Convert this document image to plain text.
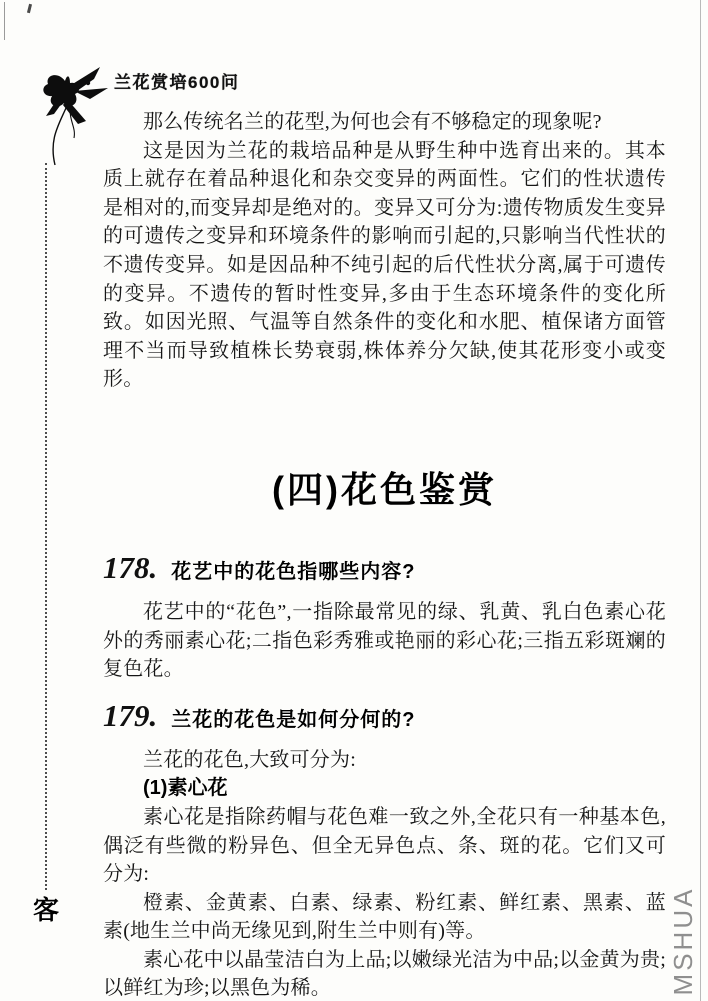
兰花赏培600问
客	MSHUA

那么传统名兰的花型,为何也会有不够稳定的现象呢?

这是因为兰花的栽培品种是从野生种中选育出来的。其本质上就存在着品种退化和杂交变异的两面性。它们的性状遗传是相对的,而变异却是绝对的。变异又可分为:遗传物质发生变异的可遗传之变异和环境条件的影响而引起的,只影响当代性状的不遗传变异。如是因品种不纯引起的后代性状分离,属于可遗传的变异。不遗传的暂时性变异,多由于生态环境条件的变化所致。如因光照、气温等自然条件的变化和水肥、植保诸方面管理不当而导致植株长势衰弱,株体养分欠缺,使其花形变小或变形。

(四)花色鉴赏
178. 花艺中的花色指哪些内容?

花艺中的“花色”,一指除最常见的绿、乳黄、乳白色素心花外的秀丽素心花;二指色彩秀雅或艳丽的彩心花;三指五彩斑斓的复色花。

179. 兰花的花色是如何分何的?

兰花的花色,大致可分为:

(1)素心花

素心花是指除药帽与花色难一致之外,全花只有一种基本色,偶泛有些微的粉异色、但全无异色点、条、斑的花。它们又可分为:

橙素、金黄素、白素、绿素、粉红素、鲜红素、黑素、蓝素(地生兰中尚无缘见到,附生兰中则有)等。

素心花中以晶莹洁白为上品;以嫩绿光洁为中品;以金黄为贵;以鲜红为珍;以黑色为稀。
